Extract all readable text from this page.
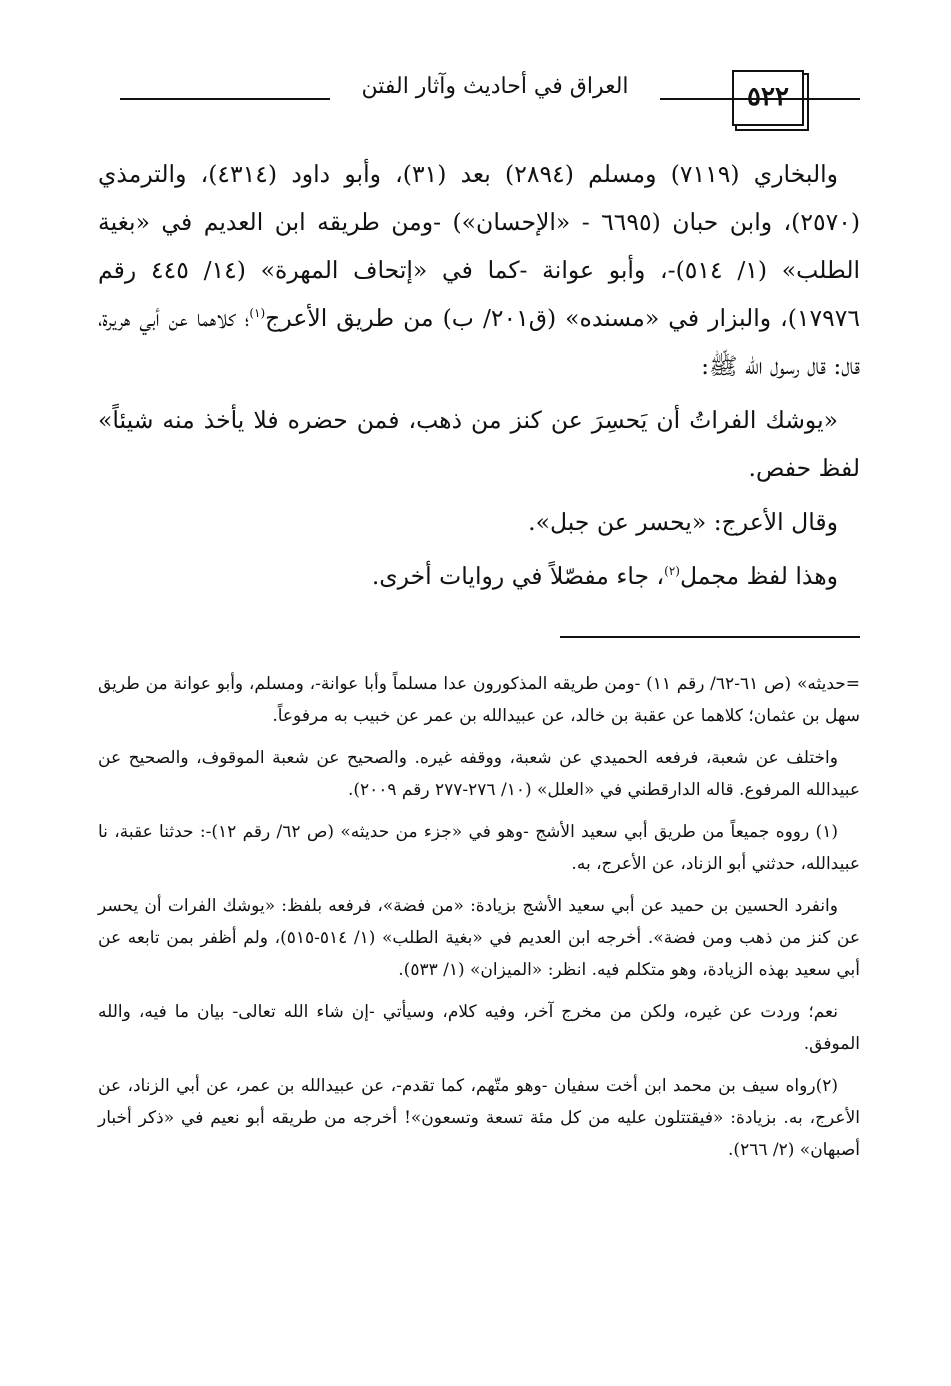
العراق في أحاديث وآثار الفتن	٥٢٢

والبخاري (٧١١٩) ومسلم (٢٨٩٤) بعد (٣١)، وأبو داود (٤٣١٤)، والترمذي (٢٥٧٠)، وابن حبان (٦٦٩٥ - «الإحسان») -ومن طريقه ابن العديم في «بغية الطلب» (١/ ٥١٤)-، وأبو عوانة -كما في «إتحاف المهرة» (١٤/ ٤٤٥ رقم ١٧٩٧٦)، والبزار في «مسنده» (ق٢٠١/ ب) من طريق الأعرج$^{(١)}$؛ كلاهما عن أبي هريرة، قال: قال رسول الله ﷺ:

«يوشك الفراتُ أن يَحسِرَ عن كنز من ذهب، فمن حضره فلا يأخذ منه شيئاً» لفظ حفص.

وقال الأعرج: «يحسر عن جبل».

وهذا لفظ مجمل$^{(٢)}$، جاء مفصّلاً في روايات أخرى.

=حديثه» (ص ٦١-٦٢/ رقم ١١) -ومن طريقه المذكورون عدا مسلماً وأبا عوانة-، ومسلم، وأبو عوانة من طريق سهل بن عثمان؛ كلاهما عن عقبة بن خالد، عن عبيدالله بن عمر عن خبيب به مرفوعاً.

واختلف عن شعبة، فرفعه الحميدي عن شعبة، ووقفه غيره. والصحيح عن شعبة الموقوف، والصحيح عن عبيدالله المرفوع. قاله الدارقطني في «العلل» (١٠/ ٢٧٦-٢٧٧ رقم ٢٠٠٩).

(١) رووه جميعاً من طريق أبي سعيد الأشج -وهو في «جزء من حديثه» (ص ٦٢/ رقم ١٢)-: حدثنا عقبة، نا عبيدالله، حدثني أبو الزناد، عن الأعرج، به.

وانفرد الحسين بن حميد عن أبي سعيد الأشج بزيادة: «من فضة»، فرفعه بلفظ: «يوشك الفرات أن يحسر عن كنز من ذهب ومن فضة». أخرجه ابن العديم في «بغية الطلب» (١/ ٥١٤-٥١٥)، ولم أظفر بمن تابعه عن أبي سعيد بهذه الزيادة، وهو متكلم فيه. انظر: «الميزان» (١/ ٥٣٣).

نعم؛ وردت عن غيره، ولكن من مخرج آخر، وفيه كلام، وسيأتي -إن شاء الله تعالى- بيان ما فيه، والله الموفق.

(٢)رواه سيف بن محمد ابن أخت سفيان -وهو متّهم، كما تقدم-، عن عبيدالله بن عمر، عن أبي الزناد، عن الأعرج، به. بزيادة: «فيقتتلون عليه من كل مئة تسعة وتسعون»! أخرجه من طريقه أبو نعيم في «ذكر أخبار أصبهان» (٢/ ٢٦٦).
